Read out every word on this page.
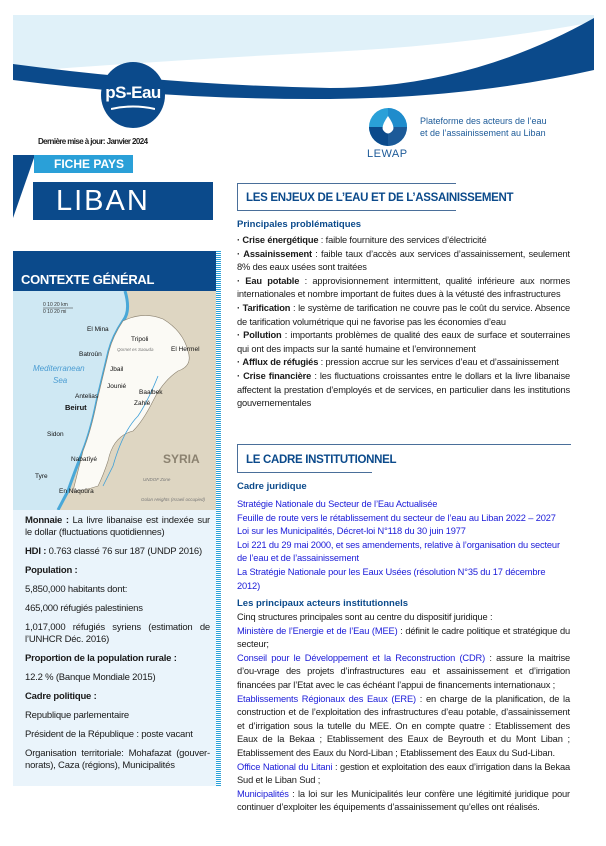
pS-Eau
Dernière mise à jour: Janvier 2024
LEWAP
Plateforme des acteurs de l’eau
et de l’assainissement au Liban
FICHE PAYS
LIBAN
CONTEXTE GÉNÉRAL
0 10 20 km
0 10 20 mi
Mediterranean
Sea
SYRIA
El Mina
Tripoli
Batroûn
Jbail
Jounié
Antelias
Beirut
Baalbek
Zahlé
El Hermel
Sidon
Nabatîyé
Tyre
En Nâqoûra
Qornet es Saouda
UNDOF Zone
Golan Heights (Israeli occupied)

Monnaie : La livre libanaise est indexée sur le dollar (fluctuations quotidiennes)

HDI : 0.763 classé 76 sur 187 (UNDP 2016)

Population :

5,850,000 habitants dont:

465,000 réfugiés palestiniens

1,017,000 réfugiés syriens (estimation de l’UNHCR Déc. 2016)

Proportion de la population rurale :

12.2 % (Banque Mondiale 2015)

Cadre politique :

Republique parlementaire

Président de la République : poste vacant

Organisation territoriale: Mohafazat (gouver-norats), Caza (régions), Municipalités

LES ENJEUX DE L’EAU ET DE L’ASSAINISSEMENT
Principales problématiques

· Crise énergétique : faible fourniture des services d’électricité

· Assainissement : faible taux d’accès aux services d’assainissement, seulement 8% des eaux usées sont traitées

· Eau potable : approvisionnement intermittent, qualité inférieure aux normes internationales et nombre important de fuites dues à la vétusté des infrastructures

· Tarification : le système de tarification ne couvre pas le coût du service. Absence de tarification volumétrique qui ne favorise pas les économies d’eau

· Pollution : importants problèmes de qualité des eaux de surface et souterraines qui ont des impacts sur la santé humaine et l’environnement

· Afflux de réfugiés : pression accrue sur les services d’eau et d’assainissement

· Crise financière : les fluctuations croissantes entre le dollars et la livre libanaise affectent la prestation d’employés et de services, en particulier dans les institutions gouvernementales

LE CADRE INSTITUTIONNEL
Cadre juridique

Stratégie Nationale du Secteur de l’Eau Actualisée

Feuille de route vers le rétablissement du secteur de l’eau au Liban 2022 – 2027

Loi sur les Municipalités, Décret-loi N°118 du 30 juin 1977

Loi 221 du 29 mai 2000, et ses amendements, relative à l’organisation du secteur de l’eau et de l’assainissement

La Stratégie Nationale pour les Eaux Usées (résolution N°35 du 17 décembre 2012)

Les principaux acteurs institutionnels

Cinq structures principales sont au centre du dispositif juridique :

Ministère de l’Energie et de l’Eau (MEE) : définit le cadre politique et stratégique du secteur;

Conseil pour le Développement et la Reconstruction (CDR) : assure la maitrise d’ou-vrage des projets d’infrastructures eau et assainissement et d’irrigation financées par l’Etat avec le cas échéant l’appui de financements internationaux ;

Etablissements Régionaux des Eaux (ERE) : en charge de la planification, de la construction et de l’exploitation des infrastructures d’eau potable, d’assainissement et d’irrigation sous la tutelle du MEE. On en compte quatre : Etablissement des Eaux de la Bekaa ; Etablissement des Eaux de Beyrouth et du Mont Liban ; Etablissement des Eaux du Nord-Liban ; Etablissement des Eaux du Sud-Liban.

Office National du Litani : gestion et exploitation des eaux d’irrigation dans la Bekaa Sud et le Liban Sud ;

Municipalités : la loi sur les Municipalités leur confère une légitimité juridique pour continuer d’exploiter les équipements d’assainissement qu’elles ont réalisés.
